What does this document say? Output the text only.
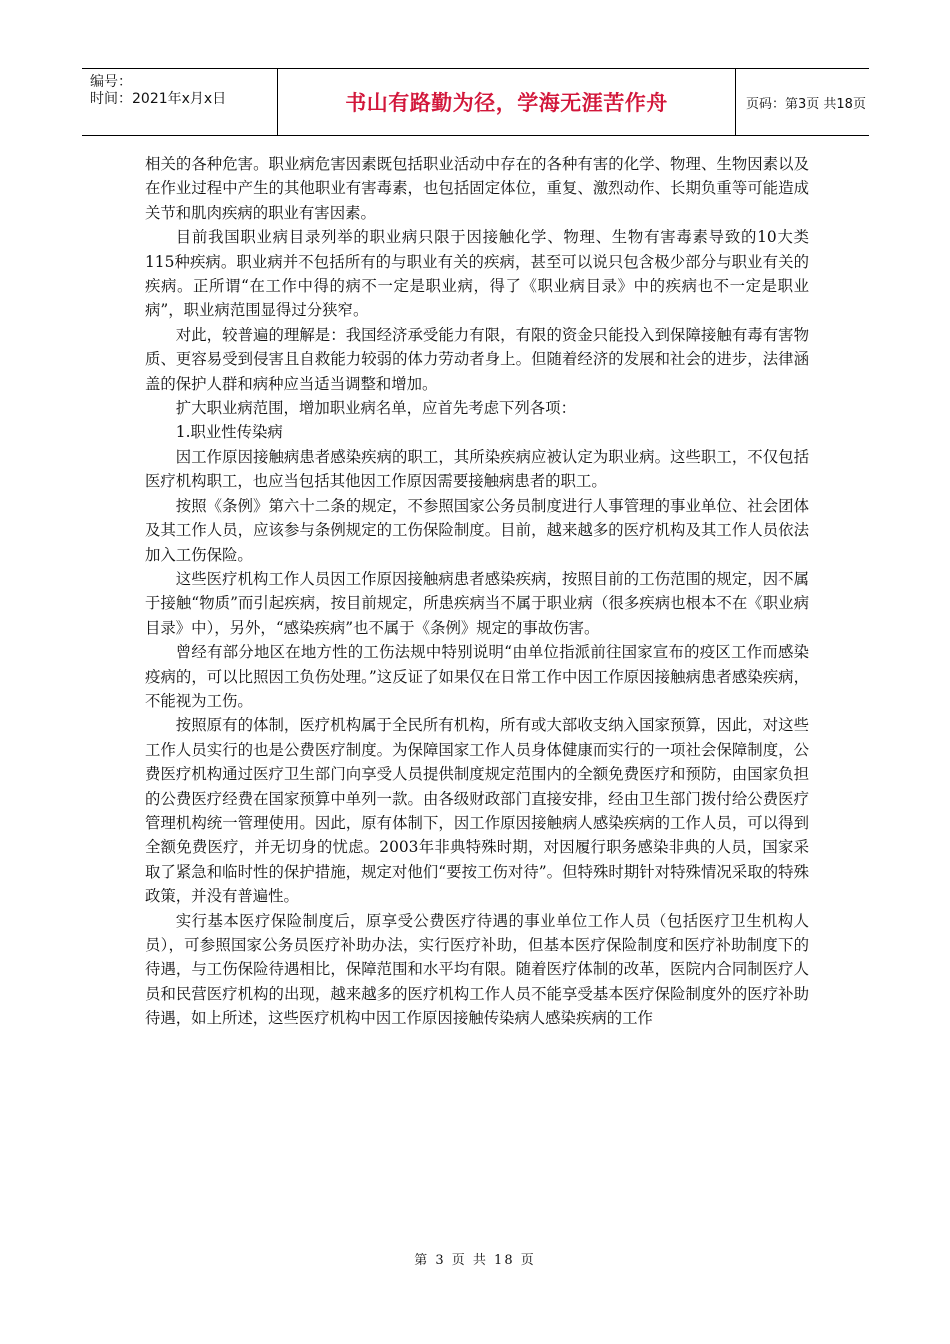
编号：
时间：2021年x月x日	书山有路勤为径，学海无涯苦作舟	页码：第3页 共18页

相关的各种危害。职业病危害因素既包括职业活动中存在的各种有害的化学、物理、生物因素以及在作业过程中产生的其他职业有害毒素，也包括固定体位，重复、激烈动作、长期负重等可能造成关节和肌肉疾病的职业有害因素。

目前我国职业病目录列举的职业病只限于因接触化学、物理、生物有害毒素导致的10大类115种疾病。职业病并不包括所有的与职业有关的疾病，甚至可以说只包含极少部分与职业有关的疾病。正所谓“在工作中得的病不一定是职业病，得了《职业病目录》中的疾病也不一定是职业病”，职业病范围显得过分狭窄。

对此，较普遍的理解是：我国经济承受能力有限，有限的资金只能投入到保障接触有毒有害物质、更容易受到侵害且自救能力较弱的体力劳动者身上。但随着经济的发展和社会的进步，法律涵盖的保护人群和病种应当适当调整和增加。

扩大职业病范围，增加职业病名单，应首先考虑下列各项：

1.职业性传染病

因工作原因接触病患者感染疾病的职工，其所染疾病应被认定为职业病。这些职工，不仅包括医疗机构职工，也应当包括其他因工作原因需要接触病患者的职工。

按照《条例》第六十二条的规定，不参照国家公务员制度进行人事管理的事业单位、社会团体及其工作人员，应该参与条例规定的工伤保险制度。目前，越来越多的医疗机构及其工作人员依法加入工伤保险。

这些医疗机构工作人员因工作原因接触病患者感染疾病，按照目前的工伤范围的规定，因不属于接触“物质”而引起疾病，按目前规定，所患疾病当不属于职业病（很多疾病也根本不在《职业病目录》中），另外，“感染疾病”也不属于《条例》规定的事故伤害。

曾经有部分地区在地方性的工伤法规中特别说明“由单位指派前往国家宣布的疫区工作而感染疫病的，可以比照因工负伤处理。”这反证了如果仅在日常工作中因工作原因接触病患者感染疾病，不能视为工伤。

按照原有的体制，医疗机构属于全民所有机构，所有或大部收支纳入国家预算，因此，对这些工作人员实行的也是公费医疗制度。为保障国家工作人员身体健康而实行的一项社会保障制度，公费医疗机构通过医疗卫生部门向享受人员提供制度规定范围内的全额免费医疗和预防，由国家负担的公费医疗经费在国家预算中单列一款。由各级财政部门直接安排，经由卫生部门拨付给公费医疗管理机构统一管理使用。因此，原有体制下，因工作原因接触病人感染疾病的工作人员，可以得到全额免费医疗，并无切身的忧虑。2003年非典特殊时期，对因履行职务感染非典的人员，国家采取了紧急和临时性的保护措施，规定对他们“要按工伤对待”。但特殊时期针对特殊情况采取的特殊政策，并没有普遍性。

实行基本医疗保险制度后，原享受公费医疗待遇的事业单位工作人员（包括医疗卫生机构人员），可参照国家公务员医疗补助办法，实行医疗补助，但基本医疗保险制度和医疗补助制度下的待遇，与工伤保险待遇相比，保障范围和水平均有限。随着医疗体制的改革，医院内合同制医疗人员和民营医疗机构的出现，越来越多的医疗机构工作人员不能享受基本医疗保险制度外的医疗补助待遇，如上所述，这些医疗机构中因工作原因接触传染病人感染疾病的工作

第 3 页 共 18 页
